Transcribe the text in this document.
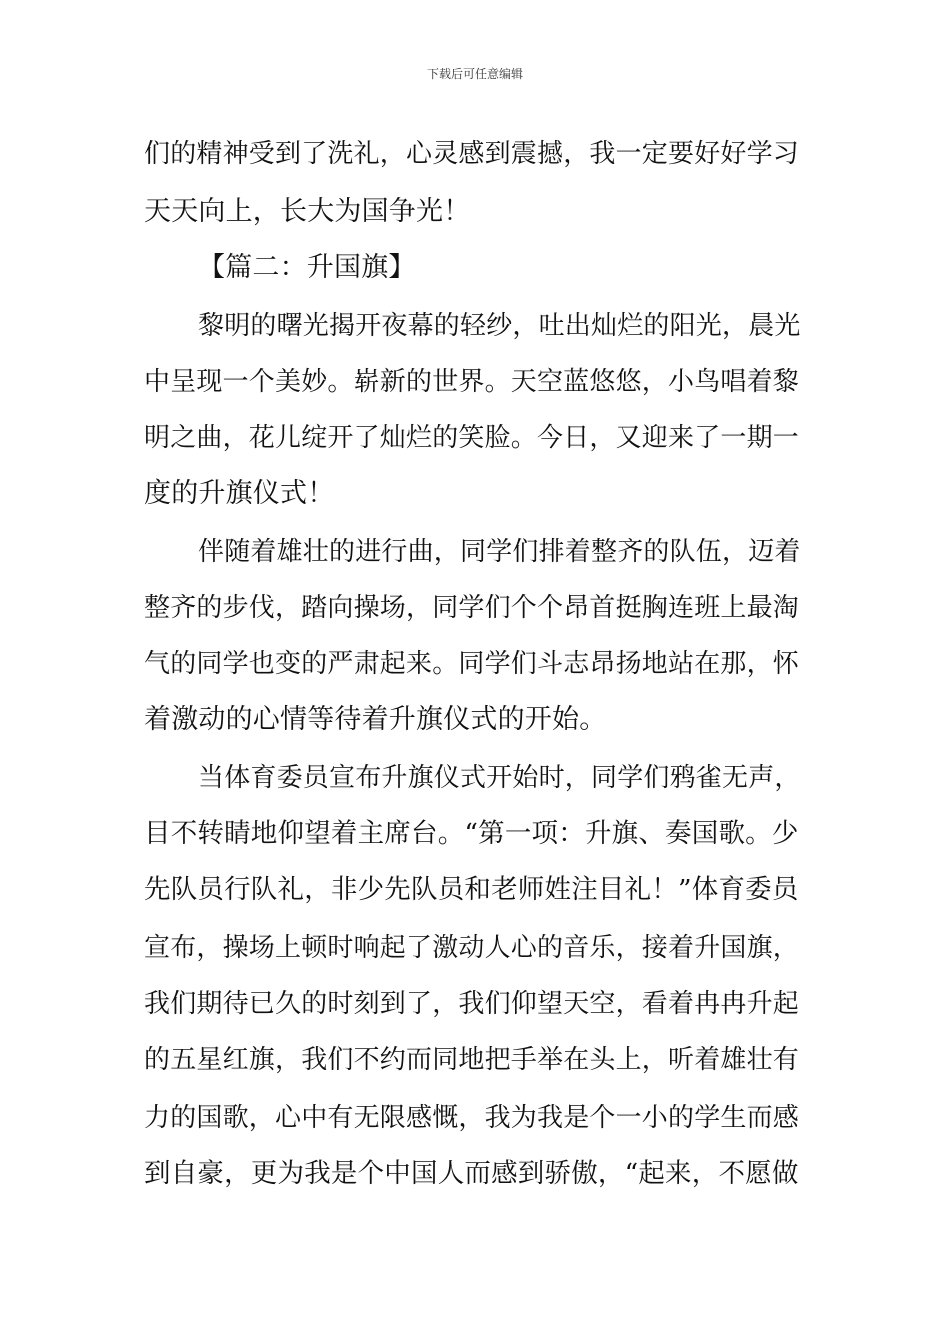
下载后可任意编辑
们的精神受到了洗礼，心灵感到震撼，我一定要好好学习
天天向上，长大为国争光！
【篇二：升国旗】
黎明的曙光揭开夜幕的轻纱，吐出灿烂的阳光，晨光
中呈现一个美妙。崭新的世界。天空蓝悠悠，小鸟唱着黎
明之曲，花儿绽开了灿烂的笑脸。今日，又迎来了一期一
度的升旗仪式！
伴随着雄壮的进行曲，同学们排着整齐的队伍，迈着
整齐的步伐，踏向操场，同学们个个昂首挺胸连班上最淘
气的同学也变的严肃起来。同学们斗志昂扬地站在那，怀
着激动的心情等待着升旗仪式的开始。
当体育委员宣布升旗仪式开始时，同学们鸦雀无声，
目不转睛地仰望着主席台。“第一项：升旗、奏国歌。少
先队员行队礼，非少先队员和老师姓注目礼！”体育委员
宣布，操场上顿时响起了激动人心的音乐，接着升国旗，
我们期待已久的时刻到了，我们仰望天空，看着冉冉升起
的五星红旗，我们不约而同地把手举在头上，听着雄壮有
力的国歌，心中有无限感慨，我为我是个一小的学生而感
到自豪，更为我是个中国人而感到骄傲，“起来，不愿做
